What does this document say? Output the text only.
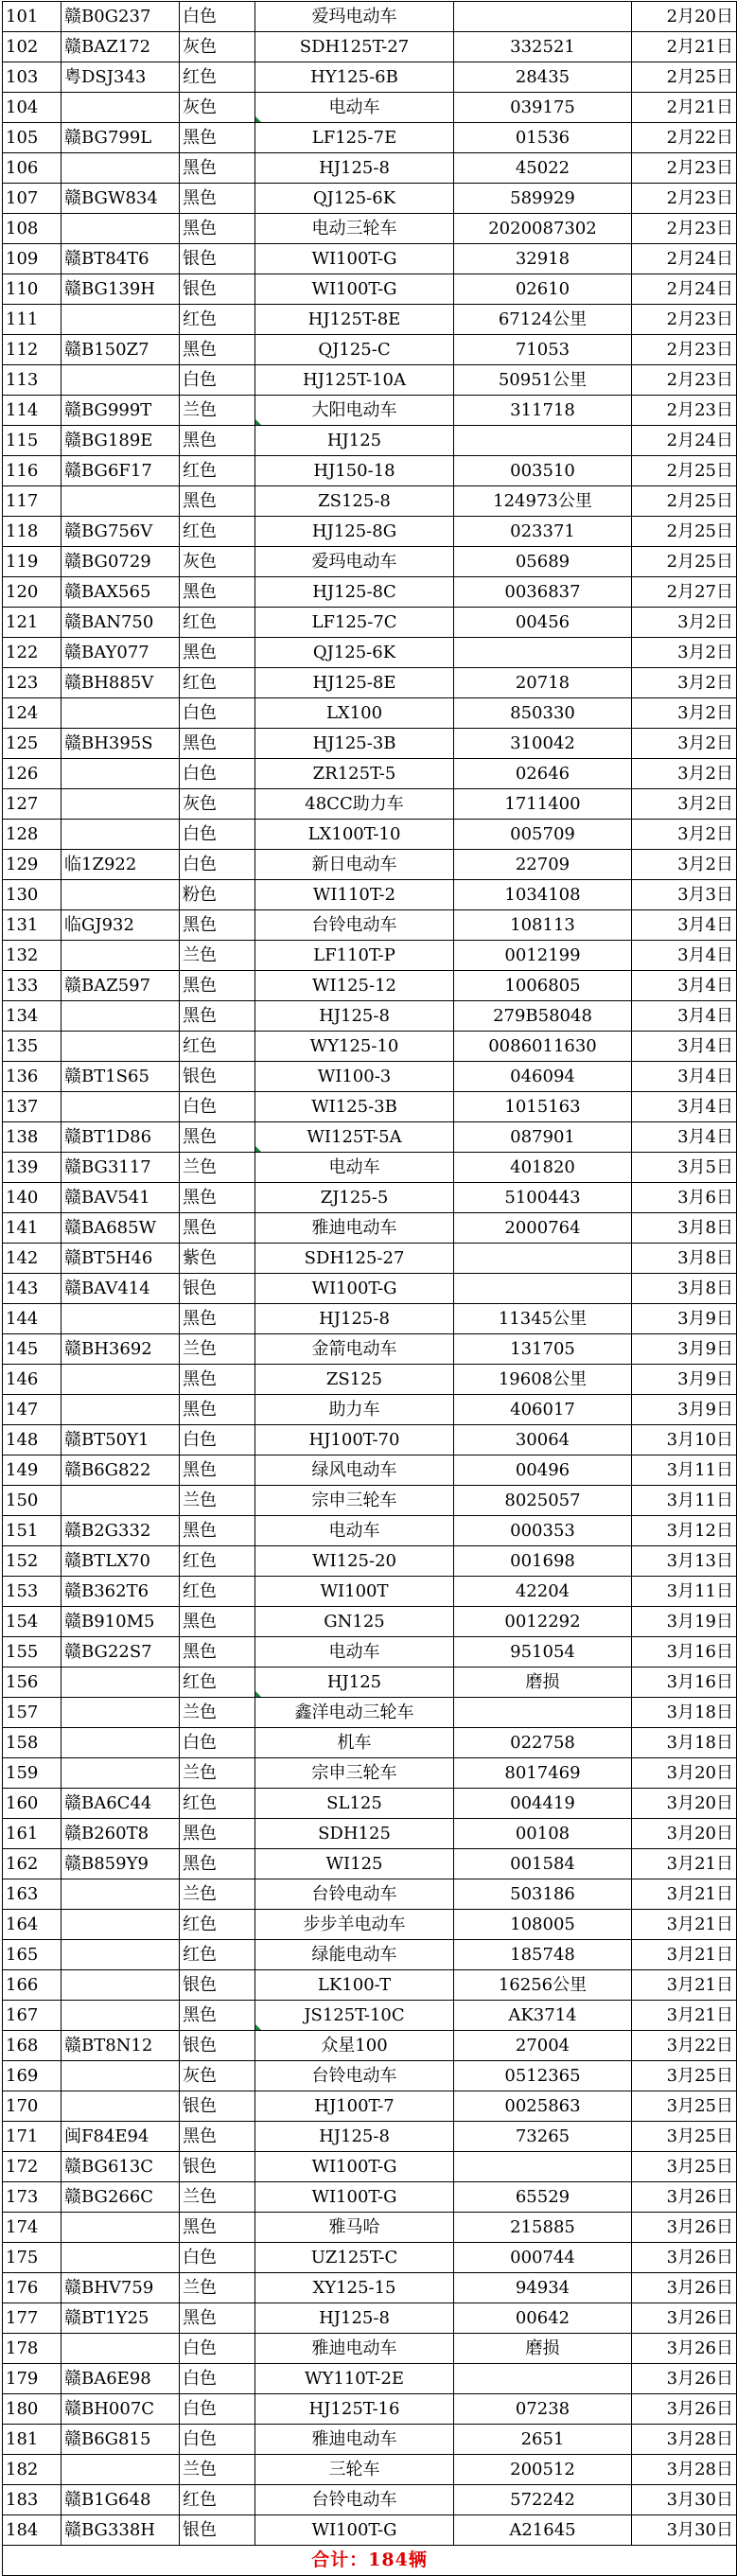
101	赣B0G237	白色	爱玛电动车		2月20日
102	赣BAZ172	灰色	SDH125T-27	332521	2月21日
103	粤DSJ343	红色	HY125-6B	28435	2月25日
104		灰色	电动车	039175	2月21日
105	赣BG799L	黑色	LF125-7E	01536	2月22日
106		黑色	HJ125-8	45022	2月23日
107	赣BGW834	黑色	QJ125-6K	589929	2月23日
108		黑色	电动三轮车	2020087302	2月23日
109	赣BT84T6	银色	WI100T-G	32918	2月24日
110	赣BG139H	银色	WI100T-G	02610	2月24日
111		红色	HJ125T-8E	67124公里	2月23日
112	赣B150Z7	黑色	QJ125-C	71053	2月23日
113		白色	HJ125T-10A	50951公里	2月23日
114	赣BG999T	兰色	大阳电动车	311718	2月23日
115	赣BG189E	黑色	HJ125		2月24日
116	赣BG6F17	红色	HJ150-18	003510	2月25日
117		黑色	ZS125-8	124973公里	2月25日
118	赣BG756V	红色	HJ125-8G	023371	2月25日
119	赣BG0729	灰色	爱玛电动车	05689	2月25日
120	赣BAX565	黑色	HJ125-8C	0036837	2月27日
121	赣BAN750	红色	LF125-7C	00456	3月2日
122	赣BAY077	黑色	QJ125-6K		3月2日
123	赣BH885V	红色	HJ125-8E	20718	3月2日
124		白色	LX100	850330	3月2日
125	赣BH395S	黑色	HJ125-3B	310042	3月2日
126		白色	ZR125T-5	02646	3月2日
127		灰色	48CC助力车	1711400	3月2日
128		白色	LX100T-10	005709	3月2日
129	临1Z922	白色	新日电动车	22709	3月2日
130		粉色	WI110T-2	1034108	3月3日
131	临GJ932	黑色	台铃电动车	108113	3月4日
132		兰色	LF110T-P	0012199	3月4日
133	赣BAZ597	黑色	WI125-12	1006805	3月4日
134		黑色	HJ125-8	279B58048	3月4日
135		红色	WY125-10	0086011630	3月4日
136	赣BT1S65	银色	WI100-3	046094	3月4日
137		白色	WI125-3B	1015163	3月4日
138	赣BT1D86	黑色	WI125T-5A	087901	3月4日
139	赣BG3117	兰色	电动车	401820	3月5日
140	赣BAV541	黑色	ZJ125-5	5100443	3月6日
141	赣BA685W	黑色	雅迪电动车	2000764	3月8日
142	赣BT5H46	紫色	SDH125-27		3月8日
143	赣BAV414	银色	WI100T-G		3月8日
144		黑色	HJ125-8	11345公里	3月9日
145	赣BH3692	兰色	金箭电动车	131705	3月9日
146		黑色	ZS125	19608公里	3月9日
147		黑色	助力车	406017	3月9日
148	赣BT50Y1	白色	HJ100T-70	30064	3月10日
149	赣B6G822	黑色	绿风电动车	00496	3月11日
150		兰色	宗申三轮车	8025057	3月11日
151	赣B2G332	黑色	电动车	000353	3月12日
152	赣BTLX70	红色	WI125-20	001698	3月13日
153	赣B362T6	红色	WI100T	42204	3月11日
154	赣B910M5	黑色	GN125	0012292	3月19日
155	赣BG22S7	黑色	电动车	951054	3月16日
156		红色	HJ125	磨损	3月16日
157		兰色	鑫洋电动三轮车		3月18日
158		白色	机车	022758	3月18日
159		兰色	宗申三轮车	8017469	3月20日
160	赣BA6C44	红色	SL125	004419	3月20日
161	赣B260T8	黑色	SDH125	00108	3月20日
162	赣B859Y9	黑色	WI125	001584	3月21日
163		兰色	台铃电动车	503186	3月21日
164		红色	步步羊电动车	108005	3月21日
165		红色	绿能电动车	185748	3月21日
166		银色	LK100-T	16256公里	3月21日
167		黑色	JS125T-10C	AK3714	3月21日
168	赣BT8N12	银色	众星100	27004	3月22日
169		灰色	台铃电动车	0512365	3月25日
170		银色	HJ100T-7	0025863	3月25日
171	闽F84E94	黑色	HJ125-8	73265	3月25日
172	赣BG613C	银色	WI100T-G		3月25日
173	赣BG266C	兰色	WI100T-G	65529	3月26日
174		黑色	雅马哈	215885	3月26日
175		白色	UZ125T-C	000744	3月26日
176	赣BHV759	兰色	XY125-15	94934	3月26日
177	赣BT1Y25	黑色	HJ125-8	00642	3月26日
178		白色	雅迪电动车	磨损	3月26日
179	赣BA6E98	白色	WY110T-2E		3月26日
180	赣BH007C	白色	HJ125T-16	07238	3月26日
181	赣B6G815	白色	雅迪电动车	2651	3月28日
182		兰色	三轮车	200512	3月28日
183	赣B1G648	红色	台铃电动车	572242	3月30日
184	赣BG338H	银色	WI100T-G	A21645	3月30日
合计：184辆					
